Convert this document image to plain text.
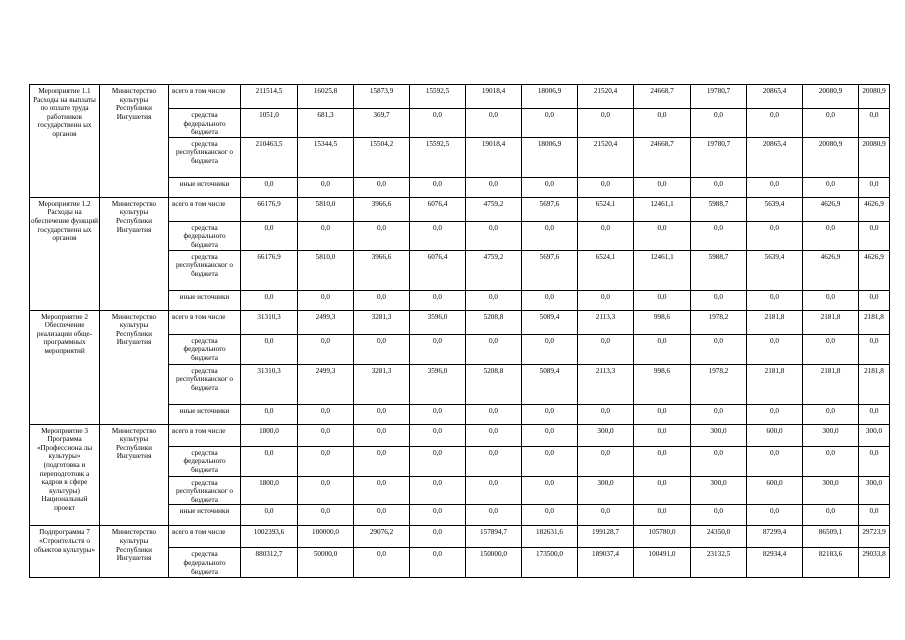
Мероприятие 1.1 Расходы на выплаты по оплате труда работников государственн ых органов	Министерство культуры Республики Ингушетия	всего в том числе	211514,5	16025,8	15873,9	15592,5	19018,4	18006,9	21520,4	24668,7	19780,7	20865,4	20080,9	20080,9
		средства федерального бюджета	1051,0	681,3	369,7	0,0	0,0	0,0	0,0	0,0	0,0	0,0	0,0	0,0
		средства республиканског о бюджета	210463,5	15344,5	15504,2	15592,5	19018,4	18006,9	21520,4	24668,7	19780,7	20865,4	20080,9	20080,9
		иные источники	0,0	0,0	0,0	0,0	0,0	0,0	0,0	0,0	0,0	0,0	0,0	0,0
Мероприятие 1.2 Расходы на обеспечение функций государственн ых органов	Министерство культуры Республики Ингушетия	всего в том числе	66176,9	5810,0	3966,6	6076,4	4759,2	5697,6	6524,1	12461,1	5988,7	5639,4	4626,9	4626,9
		средства федерального бюджета	0,0	0,0	0,0	0,0	0,0	0,0	0,0	0,0	0,0	0,0	0,0	0,0
		средства республиканског о бюджета	66176,9	5810,0	3966,6	6076,4	4759,2	5697,6	6524,1	12461,1	5988,7	5639,4	4626,9	4626,9
		иные источники	0,0	0,0	0,0	0,0	0,0	0,0	0,0	0,0	0,0	0,0	0,0	0,0
Мероприятие 2 Обеспечение реализации обще-программных мероприятий	Министерство культуры Республики Ингушетия	всего в том числе	31310,3	2499,3	3281,3	3596,0	5208,8	5089,4	2113,3	998,6	1978,2	2181,8	2181,8	2181,8
		средства федерального бюджета	0,0	0,0	0,0	0,0	0,0	0,0	0,0	0,0	0,0	0,0	0,0	0,0
		средства республиканског о бюджета	31310,3	2499,3	3281,3	3596,0	5208,8	5089,4	2113,3	998,6	1978,2	2181,8	2181,8	2181,8
		иные источники	0,0	0,0	0,0	0,0	0,0	0,0	0,0	0,0	0,0	0,0	0,0	0,0
Мероприятие 3 Программа «Профессиона лы культуры» (подготовка и переподготовк а кадров в сфере культуры) Национальный проект	Министерство культуры Республики Ингушетия	всего в том числе	1800,0	0,0	0,0	0,0	0,0	0,0	300,0	0,0	300,0	600,0	300,0	300,0
		средства федерального бюджета	0,0	0,0	0,0	0,0	0,0	0,0	0,0	0,0	0,0	0,0	0,0	0,0
		средства республиканског о бюджета	1800,0	0,0	0,0	0,0	0,0	0,0	300,0	0,0	300,0	600,0	300,0	300,0
		иные источники	0,0	0,0	0,0	0,0	0,0	0,0	0,0	0,0	0,0	0,0	0,0	0,0
Подпрограмма 7 «Строительств о объектов культуры»	Министерство культуры Республики Ингушетия	всего в том числе	1002393,6	100000,0	29076,2	0,0	157894,7	182631,6	199128,7	105780,0	24350,0	87299,4	86509,1	29723,9
		средства федерального бюджета	880312,7	50000,0	0,0	0,0	150000,0	173500,0	189037,4	100491,0	23132,5	82934,4	82183,6	29033,8
